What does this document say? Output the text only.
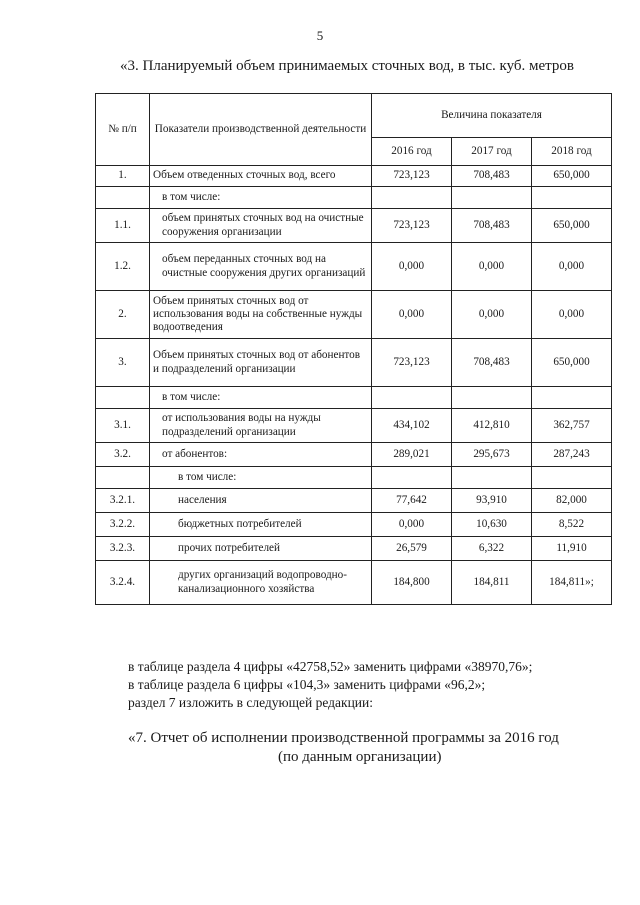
5
«3. Планируемый объем принимаемых сточных вод, в тыс. куб. метров
№ п/п	Показатели производственной деятельности	Величина показателя		
		2016 год	2017 год	2018 год
1.	Объем отведенных сточных вод, всего	723,123	708,483	650,000
	в том числе:			
1.1.	объем принятых сточных вод на очистные сооружения организации	723,123	708,483	650,000
1.2.	объем переданных сточных вод на очистные сооружения других организаций	0,000	0,000	0,000
2.	Объем принятых сточных вод от использования воды на собственные нужды водоотведения	0,000	0,000	0,000
3.	Объем принятых сточных вод от абонентов и подразделений организации	723,123	708,483	650,000
	в том числе:			
3.1.	от использования воды на нужды подразделений организации	434,102	412,810	362,757
3.2.	от абонентов:	289,021	295,673	287,243
	в том числе:			
3.2.1.	населения	77,642	93,910	82,000
3.2.2.	бюджетных потребителей	0,000	10,630	8,522
3.2.3.	прочих потребителей	26,579	6,322	11,910
3.2.4.	других организаций водопроводно-канализационного хозяйства	184,800	184,811	184,811»;
в таблице раздела 4 цифры «42758,52» заменить цифрами «38970,76»;
в таблице раздела 6 цифры «104,3» заменить цифрами «96,2»;
раздел 7 изложить в следующей редакции:
«7. Отчет об исполнении производственной программы за 2016 год
(по данным организации)
